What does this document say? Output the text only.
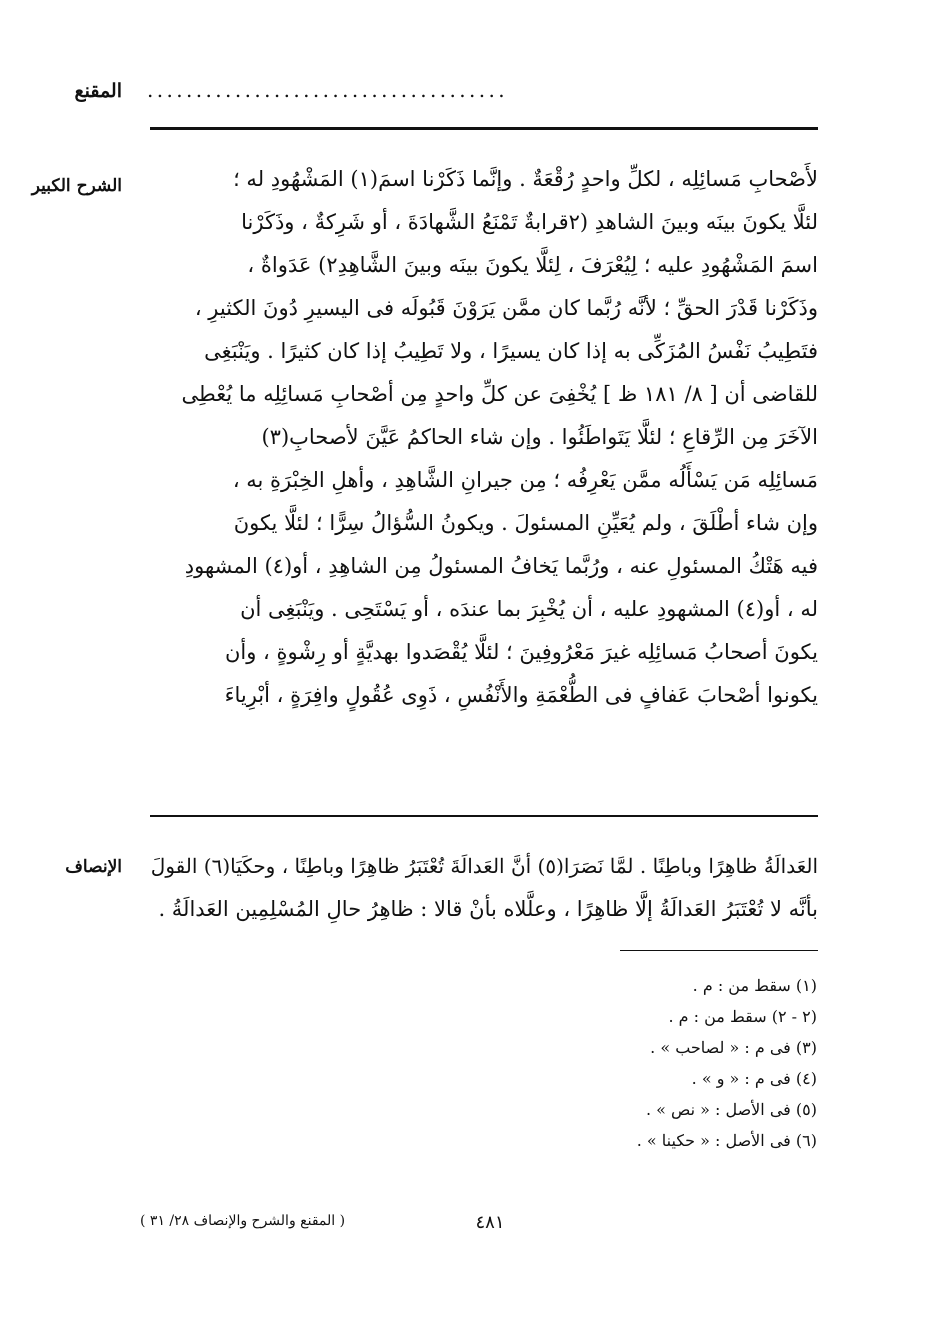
المقنع .....................................
الشرح الكبير	لأَصْحابِ مَسائِلِه ، لكلِّ واحدٍ رُقْعَةٌ . وإنَّما ذَكَرْنا اسمَ(١) المَشْهُودِ له ؛
لئلَّا يكونَ بينَه وبينَ الشاهدِ (٢قرابةٌ تَمْنَعُ الشَّهادَةَ ، أو شَرِكةٌ ، وذَكَرْنا
اسمَ المَشْهُودِ عليه ؛ لِيُعْرَفَ ، لِئلَّا يكونَ بينَه وبينَ الشَّاهِدِ٢) عَدَواةٌ ،
وذَكَرْنا قَدْرَ الحقِّ ؛ لأنَّه رُبَّما كان ممَّن يَرَوْنَ قَبُولَه فى اليسيرِ دُونَ الكثيرِ ،
فتَطِيبُ نَفْسُ المُزَكِّى به إذا كان يسيرًا ، ولا تَطِيبُ إذا كان كثيرًا . ويَنْبَغِى
للقاضى أن [ ٨/ ١٨١ ظ ] يُخْفِىَ عن كلِّ واحدٍ مِن أصْحابِ مَسائِلِه ما يُعْطِى
الآخَرَ مِن الرِّقاعِ ؛ لئلَّا يَتَواطَئُوا . وإن شاء الحاكمُ عَيَّنَ لأصحابِ(٣)
مَسائِلِه مَن يَسْأَلُه ممَّن يَعْرِفُه ؛ مِن جيرانِ الشَّاهِدِ ، وأهلِ الخِبْرَةِ به ،
وإن شاء أطْلَقَ ، ولم يُعَيِّنِ المسئولَ . ويكونُ السُّؤالُ سِرًّا ؛ لئلَّا يكونَ
فيه هَتْكُ المسئولِ عنه ، ورُبَّما يَخافُ المسئولُ مِن الشاهِدِ ، أو(٤) المشهودِ
له ، أو(٤) المشهودِ عليه ، أن يُخْبِرَ بما عندَه ، أو يَسْتَحِى . ويَنْبَغِى أن
يكونَ أصحابُ مَسائِلِه غيرَ مَعْرُوفِينَ ؛ لئلَّا يُقْصَدوا بهديَّةٍ أو رِشْوةٍ ، وأن
يكونوا أصْحابَ عَفافٍ فى الطُّعْمَةِ والأَنْفُسِ ، ذَوِى عُقُولٍ وافِرَةٍ ، أبْرِياءَ
الإنصاف العَدالَةُ ظاهِرًا وباطِنًا . لمَّا نَصَرَا(٥) أنَّ العَدالَةَ تُعْتَبَرُ ظاهِرًا وباطِنًا ، وحكَيَا(٦) القولَ
بأنَّه لا تُعْتَبَرُ العَدالَةُ إلَّا ظاهِرًا ، وعلَّلاه بأنْ قالا : ظاهِرُ حالِ المُسْلِمِين العَدالَةُ .
(١) سقط من : م .
(٢ - ٢) سقط من : م .
(٣) فى م : « لصاحب » .
(٤) فى م : « و » .
(٥) فى الأصل : « نص » .
(٦) فى الأصل : « حكينا » .
٤٨١
( المقنع والشرح والإنصاف ٢٨/ ٣١ )
